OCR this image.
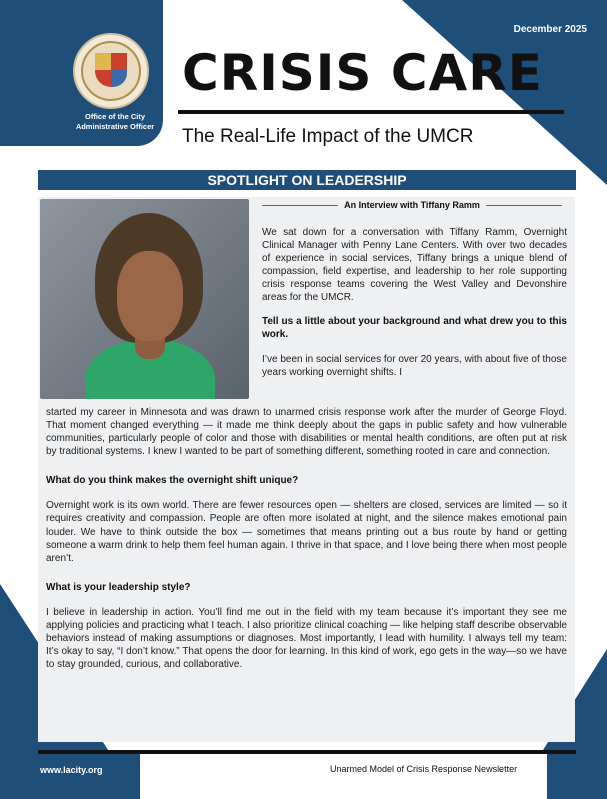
Office of the City Administrative Officer
December 2025
CRISIS CARE
The Real-Life Impact of the UMCR
SPOTLIGHT ON LEADERSHIP
An Interview with Tiffany Ramm

We sat down for a conversation with Tiffany Ramm, Overnight Clinical Manager with Penny Lane Centers. With over two decades of experience in social services, Tiffany brings a unique blend of compassion, field expertise, and leadership to her role supporting crisis response teams covering the West Valley and Devonshire areas for the UMCR.

Tell us a little about your background and what drew you to this work.

I’ve been in social services for over 20 years, with about five of those years working overnight shifts. I

started my career in Minnesota and was drawn to unarmed crisis response work after the murder of George Floyd. That moment changed everything — it made me think deeply about the gaps in public safety and how vulnerable communities, particularly people of color and those with disabilities or mental health conditions, are often put at risk by traditional systems. I knew I wanted to be part of something different, something rooted in care and connection.

What do you think makes the overnight shift unique?

Overnight work is its own world. There are fewer resources open — shelters are closed, services are limited — so it requires creativity and compassion. People are often more isolated at night, and the silence makes emotional pain louder. We have to think outside the box — sometimes that means printing out a bus route by hand or getting someone a warm drink to help them feel human again. I thrive in that space, and I love being there when most people aren’t.

What is your leadership style?

I believe in leadership in action. You’ll find me out in the field with my team because it’s important they see me applying policies and practicing what I teach. I also prioritize clinical coaching — like helping staff describe observable behaviors instead of making assumptions or diagnoses. Most importantly, I lead with humility. I always tell my team: It’s okay to say, “I don’t know.” That opens the door for learning. In this kind of work, ego gets in the way—so we have to stay grounded, curious, and collaborative.

www.lacity.org	Unarmed Model of Crisis Response Newsletter
